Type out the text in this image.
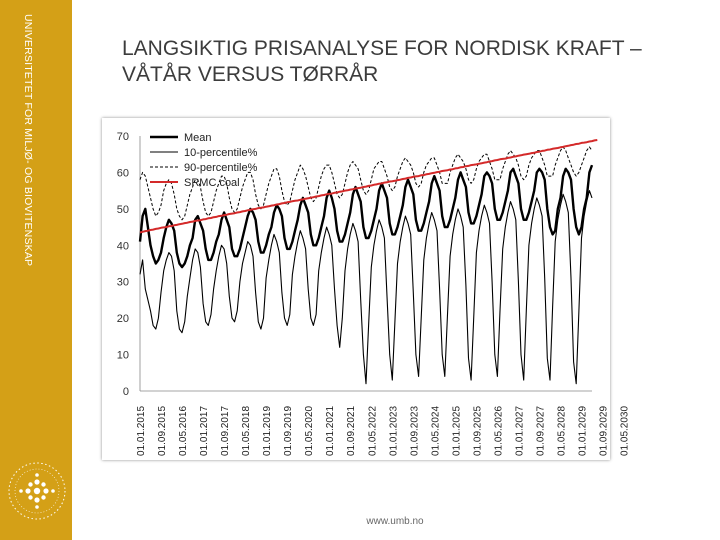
UNIVERSITETET FOR MILJØ- OG BIOVITENSKAP	LANGSIKTIG PRISANALYSE FOR NORDISK KRAFT – VÅTÅR VERSUS TØRRÅR
0
10
20
30
40
50
60
70
01.01.2015 01.09.2015 01.05.2016 01.01.2017 01.09.2017 01.05.2018 01.01.2019 01.09.2019 01.05.2020 01.01.2021 01.09.2021 01.05.2022 01.01.2023 01.09.2023 01.05.2024 01.01.2025 01.09.2025 01.05.2026 01.01.2027 01.09.2027 01.05.2028 01.01.2029 01.09.2029 01.05.2030
Mean
10-percentile%
90-percentile%
SRMC coal
www.umb.no
